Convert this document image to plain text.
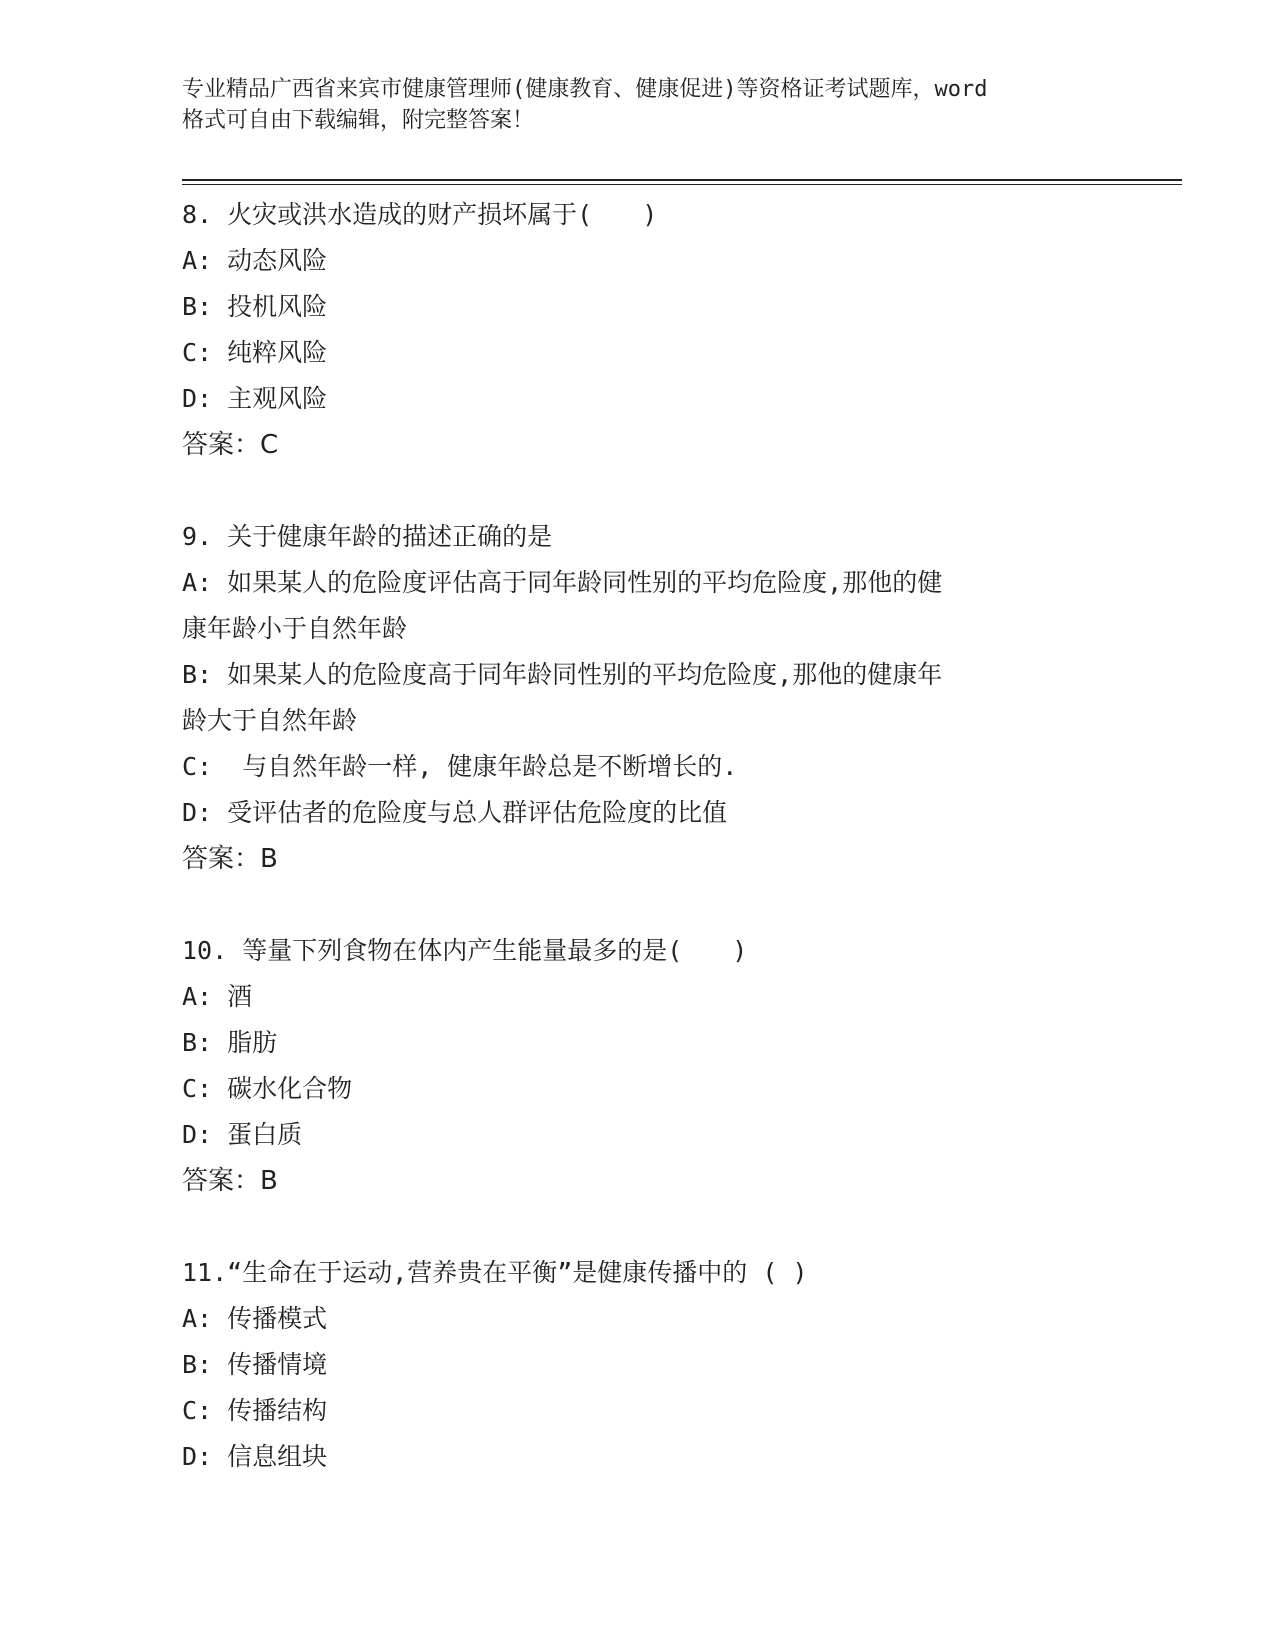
专业精品广西省来宾市健康管理师(健康教育、健康促进)等资格证考试题库，word
格式可自由下载编辑，附完整答案！

8. 火灾或洪水造成的财产损坏属于(　　)

A: 动态风险

B: 投机风险

C: 纯粹风险

D: 主观风险

答案：C

9. 关于健康年龄的描述正确的是

A: 如果某人的危险度评估高于同年龄同性别的平均危险度,那他的健

康年龄小于自然年龄

B: 如果某人的危险度高于同年龄同性别的平均危险度,那他的健康年

龄大于自然年龄

C:  与自然年龄一样, 健康年龄总是不断增长的.

D: 受评估者的危险度与总人群评估危险度的比值

答案：B

10. 等量下列食物在体内产生能量最多的是(　　)

A: 酒

B: 脂肪

C: 碳水化合物

D: 蛋白质

答案：B

11.“生命在于运动,营养贵在平衡”是健康传播中的 ( )

A: 传播模式

B: 传播情境

C: 传播结构

D: 信息组块
